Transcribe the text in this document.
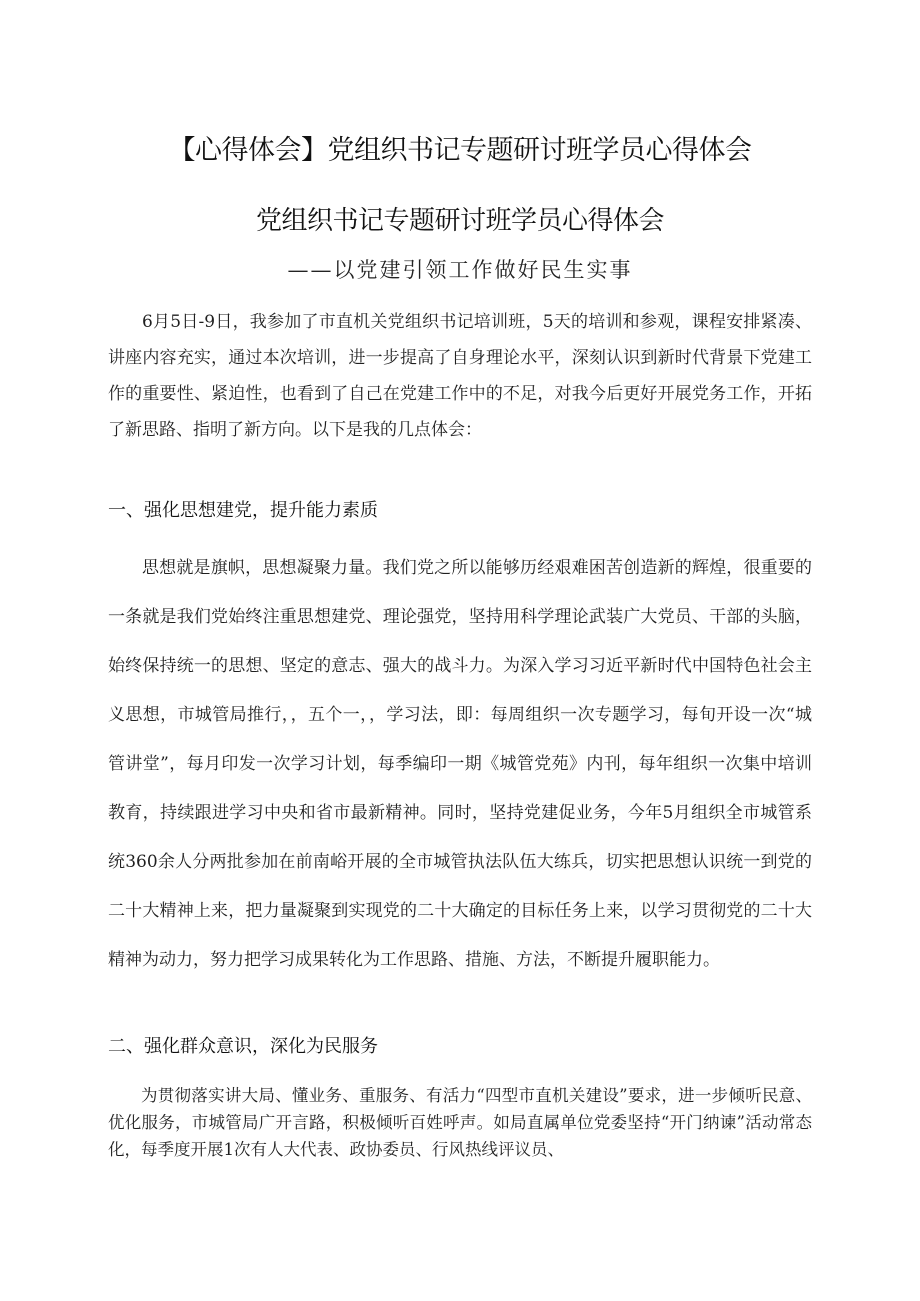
【心得体会】党组织书记专题研讨班学员心得体会
党组织书记专题研讨班学员心得体会
——以党建引领工作做好民生实事

6月5日-9日，我参加了市直机关党组织书记培训班，5天的培训和参观，课程安排紧凑、讲座内容充实，通过本次培训，进一步提高了自身理论水平，深刻认识到新时代背景下党建工作的重要性、紧迫性，也看到了自己在党建工作中的不足，对我今后更好开展党务工作，开拓了新思路、指明了新方向。以下是我的几点体会：

一、强化思想建党，提升能力素质

思想就是旗帜，思想凝聚力量。我们党之所以能够历经艰难困苦创造新的辉煌，很重要的一条就是我们党始终注重思想建党、理论强党，坚持用科学理论武装广大党员、干部的头脑，始终保持统一的思想、坚定的意志、强大的战斗力。为深入学习习近平新时代中国特色社会主义思想，市城管局推行，，五个一，，学习法，即：每周组织一次专题学习，每旬开设一次“城管讲堂”，每月印发一次学习计划，每季编印一期《城管党苑》内刊，每年组织一次集中培训教育，持续跟进学习中央和省市最新精神。同时，坚持党建促业务，今年5月组织全市城管系统360余人分两批参加在前南峪开展的全市城管执法队伍大练兵，切实把思想认识统一到党的二十大精神上来，把力量凝聚到实现党的二十大确定的目标任务上来，以学习贯彻党的二十大精神为动力，努力把学习成果转化为工作思路、措施、方法，不断提升履职能力。

二、强化群众意识，深化为民服务

为贯彻落实讲大局、懂业务、重服务、有活力“四型市直机关建设”要求，进一步倾听民意、优化服务，市城管局广开言路，积极倾听百姓呼声。如局直属单位党委坚持“开门纳谏”活动常态化，每季度开展1次有人大代表、政协委员、行风热线评议员、
